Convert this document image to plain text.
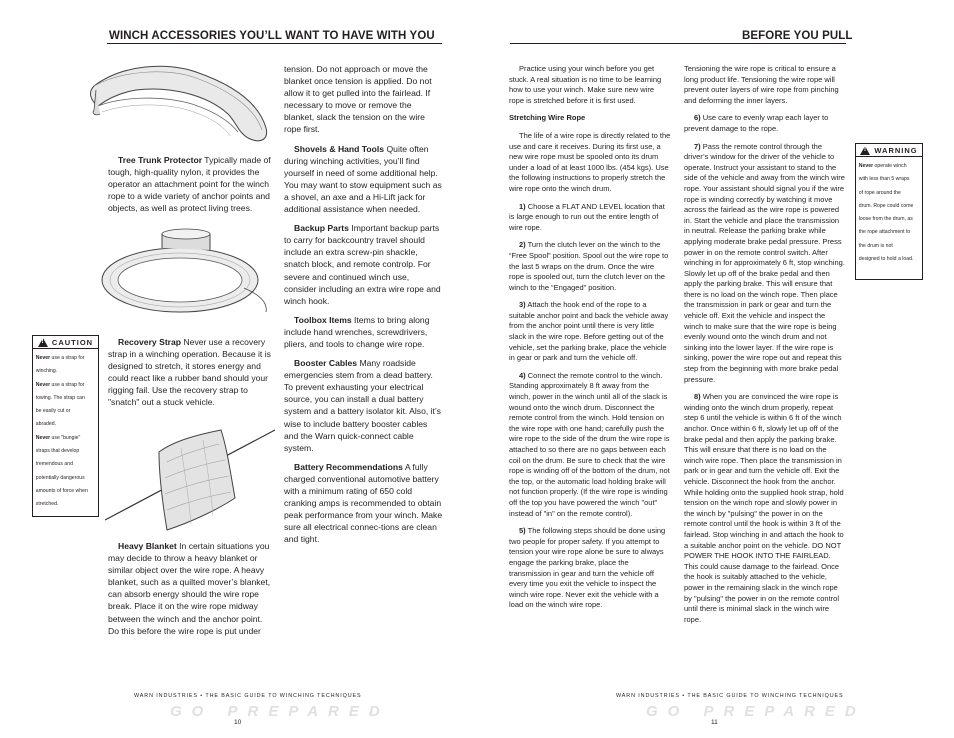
WINCH ACCESSORIES YOU’LL WANT TO HAVE WITH YOU

Tree Trunk Protector Typically made of tough, high-quality nylon, it provides the operator an attachment point for the winch rope to a wide variety of anchor points and objects, as well as protect living trees.

!
CAUTION
Never use a strap for winching.
Never use a strap for towing. The strap can be easily cut or abraded.
Never use "bungie" straps that develop tremendous and potentially dangerous amounts of force when stretched.

Recovery Strap Never use a recovery strap in a winching operation. Because it is designed to stretch, it stores energy and could react like a rubber band should your rigging fail. Use the recovery strap to "snatch" out a stuck vehicle.

Heavy Blanket In certain situations you may decide to throw a heavy blanket or similar object over the wire rope. A heavy blanket, such as a quilted mover’s blanket, can absorb energy should the wire rope break. Place it on the wire rope midway between the winch and the anchor point. Do this before the wire rope is put under

tension. Do not approach or move the blanket once tension is applied. Do not allow it to get pulled into the fairlead. If necessary to move or remove the blanket, slack the tension on the wire rope first.

Shovels & Hand Tools Quite often during winching activities, you’ll find yourself in need of some additional help. You may want to stow equipment such as a shovel, an axe and a Hi-Lift jack for additional assistance when needed.

Backup Parts Important backup parts to carry for backcountry travel should include an extra screw-pin shackle, snatch block, and remote controlp. For severe and continued winch use, consider including an extra wire rope and winch hook.

Toolbox Items Items to bring along include hand wrenches, screwdrivers, pliers, and tools to change wire rope.

Booster Cables Many roadside emergencies stem from a dead battery. To prevent exhausting your electrical source, you can install a dual battery system and a battery isolator kit. Also, it’s wise to include battery booster cables and the Warn quick-connect cable system.

Battery Recommendations A fully charged conventional automotive battery with a minimum rating of 650 cold cranking amps is recommended to obtain peak performance from your winch. Make sure all electrical connec-tions are clean and tight.

WARN INDUSTRIES • THE BASIC GUIDE TO WINCHING TECHNIQUES
GO PREPARED
10
BEFORE YOU PULL

Practice using your winch before you get stuck. A real situation is no time to be learning how to use your winch. Make sure new wire rope is stretched before it is first used.

Stretching Wire Rope

The life of a wire rope is directly related to the use and care it receives. During its first use, a new wire rope must be spooled onto its drum under a load of at least 1000 lbs. (454 kgs). Use the following instructions to properly stretch the wire rope onto the winch drum.

1) Choose a FLAT AND LEVEL location that is large enough to run out the entire length of wire rope.

2) Turn the clutch lever on the winch to the “Free Spool” position. Spool out the wire rope to the last 5 wraps on the drum. Once the wire rope is spooled out, turn the clutch lever on the winch to the “Engaged” position.

3) Attach the hook end of the rope to a suitable anchor point and back the vehicle away from the anchor point until there is very little slack in the wire rope. Before getting out of the vehicle, set the parking brake, place the vehicle in gear or park and turn the vehicle off.

4) Connect the remote control to the winch. Standing approximately 8 ft away from the winch, power in the winch until all of the slack is wound onto the winch drum. Disconnect the remote control from the winch. Hold tension on the wire rope with one hand; carefully push the wire rope to the side of the drum the wire rope is attached to so there are no gaps between each coil on the drum. Be sure to check that the wire rope is winding off of the bottom of the drum, not the top, or the automatic load holding brake will not function properly. (If the wire rope is winding off the top you have powered the winch "out" instead of "in" on the remote control).

5) The following steps should be done using two people for proper safety. If you attempt to tension your wire rope alone be sure to always engage the parking brake, place the transmission in gear and turn the vehicle off every time you exit the vehicle to inspect the winch wire rope. Never exit the vehicle with a load on the winch wire rope.

Tensioning the wire rope is critical to ensure a long product life. Tensioning the wire rope will prevent outer layers of wire rope from pinching and deforming the inner layers.

6) Use care to evenly wrap each layer to prevent damage to the rope.

7) Pass the remote control through the driver’s window for the driver of the vehicle to operate. Instruct your assistant to stand to the side of the vehicle and away from the winch wire rope. Your assistant should signal you if the wire rope is winding correctly by watching it move across the fairlead as the wire rope is powered in. Start the vehicle and place the transmission in neutral. Release the parking brake while applying moderate brake pedal pressure. Press power in on the remote control switch. After winching in for approximately 6 ft, stop winching. Slowly let up off of the brake pedal and then apply the parking brake. This will ensure that there is no load on the winch rope. Then place the transmission in park or gear and turn the vehicle off. Exit the vehicle and inspect the winch to make sure that the wire rope is being evenly wound onto the winch drum and not sinking into the lower layer. If the wire rope is sinking, power the wire rope out and repeat this step from the beginning with more brake pedal pressure.

8) When you are convinced the wire rope is winding onto the winch drum properly, repeat step 6 until the vehicle is within 6 ft of the winch anchor. Once within 6 ft, slowly let up off of the brake pedal and then apply the parking brake. This will ensure that there is no load on the winch wire rope. Then place the transmission in park or in gear and turn the vehicle off. Exit the vehicle. Disconnect the hook from the anchor. While holding onto the supplied hook strap, hold tension on the winch rope and slowly power in the winch by "pulsing" the power in on the remote control until the hook is within 3 ft of the fairlead. Stop winching in and attach the hook to a suitable anchor point on the vehicle. DO NOT POWER THE HOOK INTO THE FAIRLEAD. This could cause damage to the fairlead. Once the hook is suitably attached to the vehicle, power in the remaining slack in the winch rope by "pulsing" the power in on the remote control until there is minimal slack in the winch wire rope.

!
WARNING
Never operate winch with less than 5 wraps of rope around the drum. Rope could come loose from the drum, as the rope attachment to the drum is not designed to hold a load.
WARN INDUSTRIES • THE BASIC GUIDE TO WINCHING TECHNIQUES
GO PREPARED
11
